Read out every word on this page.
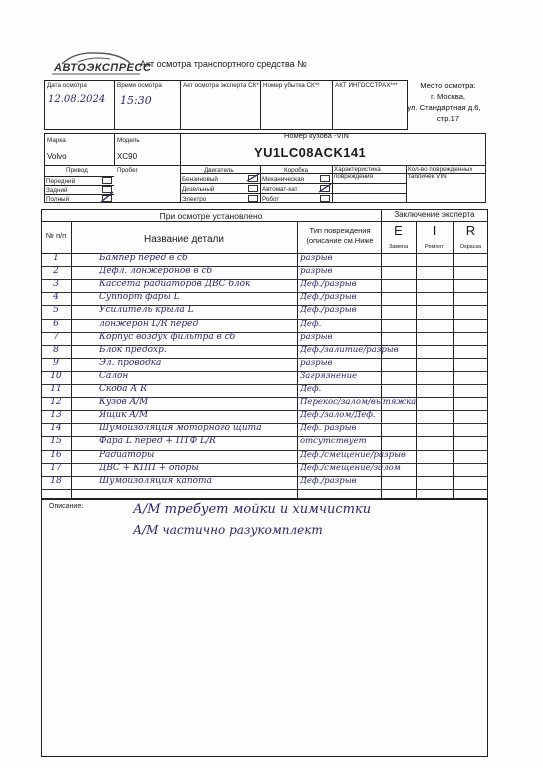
АВТОЭКСПРЕСС
Акт осмотра транспортного средства №
Дата осмотра
12.08.2024
Время осмотра
15:30
Акт осмотра эксперта СК* Номер убытка СК** АКТ ИНГОССТРАХ***	Место осмотра:
г. Москва,
ул. Стандартная д.6,
стр.17
Марка
Volvo
Модель
XC90
Номер кузова -VIN
YU1LC08ACK141
Привод
Передний
Задний
Полный
Пробег	Двигатель
Бензиновый
Дизельный
Электро
Коробка
Механическая
Автомат-кат
Робот
Характеристика повреждения
Кол-во поврежденных табличек VIN
При осмотре установлено	Заключение эксперта
№ п/п	Название детали
Тип повреждения (описание см.Ниже
E	I	R
Замена	Ремонт	Окраска
1	Бампер перед в сб	разрыв
2	Дефл. лонжеронов в сб	разрыв
3	Кассета радиаторов ДВС блок	Деф./разрыв
4	Суппорт фары L	Деф./разрыв
5	Усилитель крыла L	Деф./разрыв
6	лонжерон L/R перед	Деф.
7	Корпус воздух фильтра в сб	разрыв
8	Блок предохр.	Деф./залитие/разрыв
9	Эл. проводка	разрыв
10	Салон	Загрязнение
11	Скоба А R	Деф.
12	Кузов A/M	Перекос/залом/вытяжка
13	Ящик A/M	Деф./залом/Деф.
14	Шумоизоляция моторного щита	Деф. разрыв
15	Фара L перед + ПТФ L/R	отсутствует
16	Радиаторы	Деф./смещение/разрыв
17	ДВС + КПП + опоры	Деф./смещение/залом
18	Шумоизоляция капота	Деф./разрыв
Описание:	А/М требует мойки и химчистки
А/М частично разукомплект
